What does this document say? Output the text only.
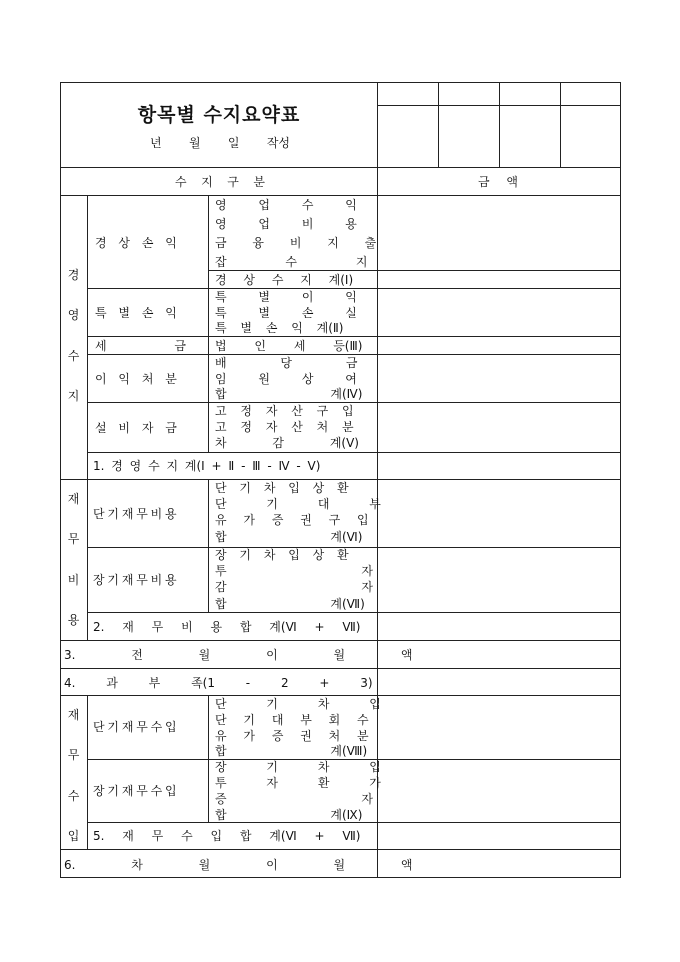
항목별 수지요약표
년 월 일 작성
수 지 구 분	금 액
경
영
수
지
경 상 손 익
영 업 수 익
영 업 비 용
금 융 비 지 출
잡 수 지
경 상 수 지 계(Ⅰ)
특 별 손 익
특 별 이 익
특 별 손 실
특 별 손 익 계(Ⅱ)
세 금 법 인 세 등(Ⅲ)
이 익 처 분
배 당 금
임 원 상 여
합 계(Ⅳ)
설 비 자 금
고 정 자 산 구 입
고 정 자 산 처 분
차 감 계(Ⅴ)
1. 경 영 수 지 계(Ⅰ + Ⅱ - Ⅲ - Ⅳ - Ⅴ)
재
무
비
용
단 기 재 무 비 용
단 기 차 입 상 환
단 기 대 부
유 가 증 권 구 입
합 계(Ⅵ)
장 기 재 무 비 용
장 기 차 입 상 환
투 자
감 자
합 계(Ⅶ)
2. 재 무 비 용 합 계(Ⅵ + Ⅶ)
3. 전 월 이 월 액
4. 과 부 족(1 - 2 + 3)
재
무
수
입
단 기 재 무 수 입
단 기 차 입
단 기 대 부 회 수
유 가 증 권 처 분
합 계(Ⅷ)
장 기 재 무 수 입
장 기 차 입
투 자 환 가
증 자
합 계(Ⅸ)
5. 재 무 수 입 합 계(Ⅵ + Ⅶ)
6. 차 월 이 월 액
